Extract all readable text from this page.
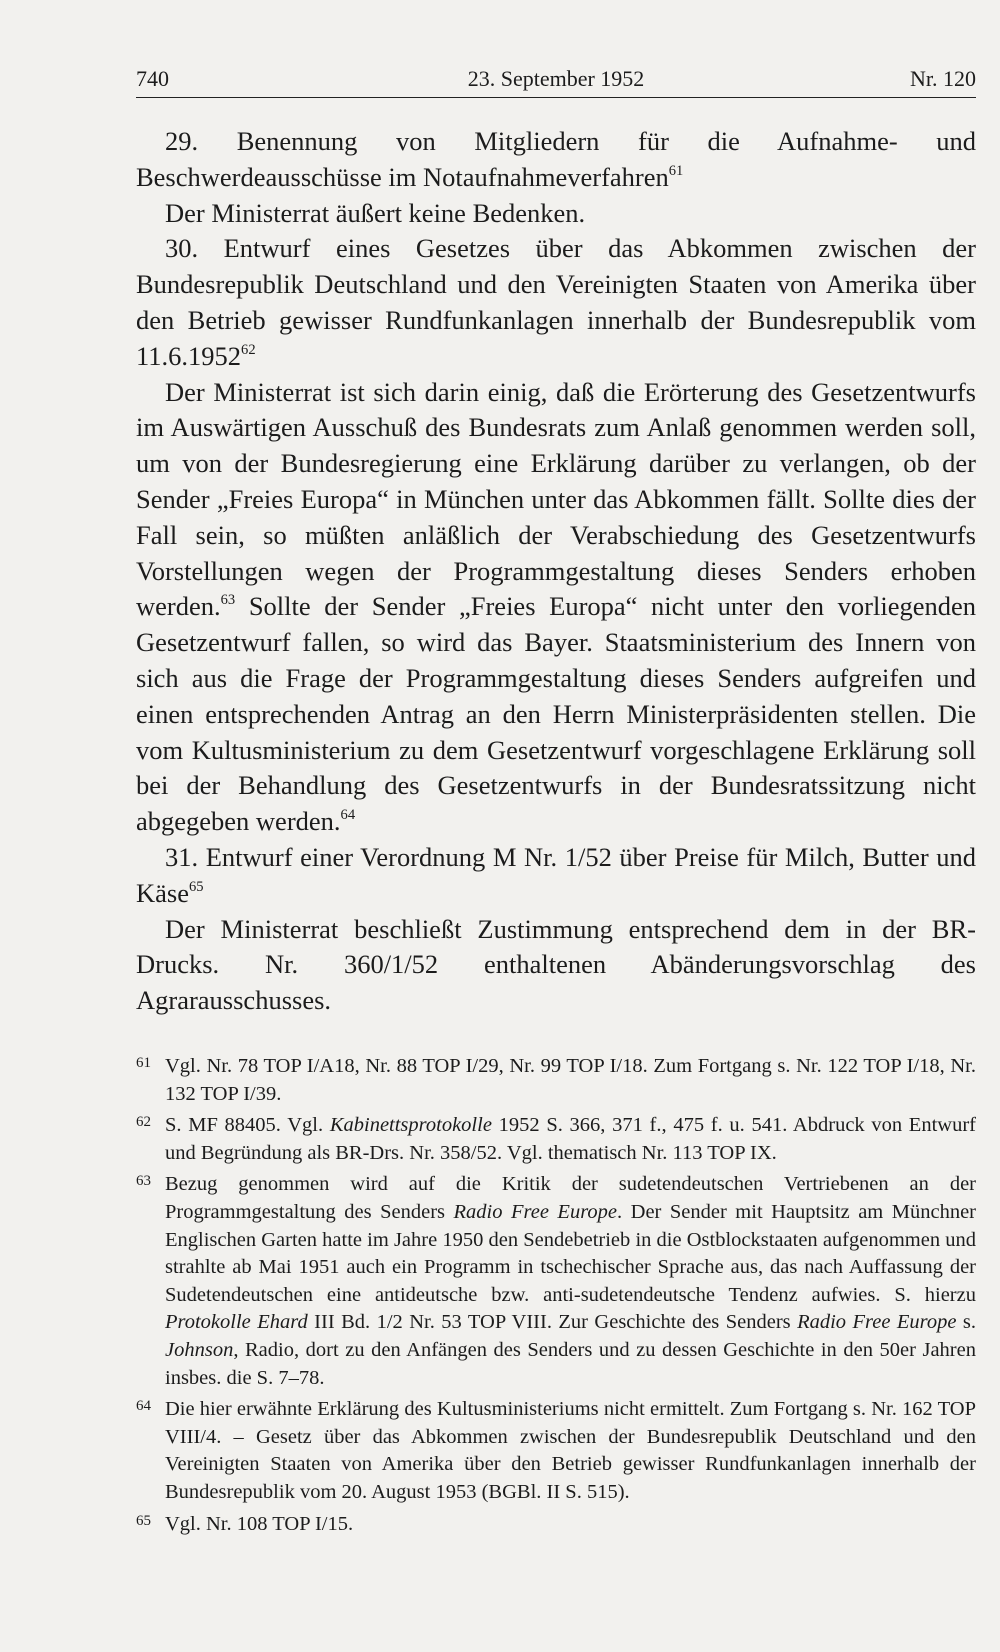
740	23. September 1952	Nr. 120

29. Benennung von Mitgliedern für die Aufnahme- und Beschwerdeausschüsse im Notaufnahmeverfahren$^{61}$

Der Ministerrat äußert keine Bedenken.

30. Entwurf eines Gesetzes über das Abkommen zwischen der Bundesrepublik Deutschland und den Vereinigten Staaten von Amerika über den Betrieb gewisser Rundfunkanlagen innerhalb der Bundesrepublik vom 11.6.1952$^{62}$

Der Ministerrat ist sich darin einig, daß die Erörterung des Gesetzentwurfs im Auswärtigen Ausschuß des Bundesrats zum Anlaß genommen werden soll, um von der Bundesregierung eine Erklärung darüber zu verlangen, ob der Sender „Freies Europa“ in München unter das Abkommen fällt. Sollte dies der Fall sein, so müßten anläßlich der Verabschiedung des Gesetzentwurfs Vorstellungen wegen der Programmgestaltung dieses Senders erhoben werden.$^{63}$ Sollte der Sender „Freies Europa“ nicht unter den vorliegenden Gesetzentwurf fallen, so wird das Bayer. Staatsministerium des Innern von sich aus die Frage der Programmgestaltung dieses Senders aufgreifen und einen entsprechenden Antrag an den Herrn Ministerpräsidenten stellen. Die vom Kultusministerium zu dem Gesetzentwurf vorgeschlagene Erklärung soll bei der Behandlung des Gesetzentwurfs in der Bundesratssitzung nicht abgegeben werden.$^{64}$

31. Entwurf einer Verordnung M Nr. 1/52 über Preise für Milch, Butter und Käse$^{65}$

Der Ministerrat beschließt Zustimmung entsprechend dem in der BR-Drucks. Nr. 360/1/52 enthaltenen Abänderungsvorschlag des Agrarausschusses.

61 Vgl. Nr. 78 TOP I/A18, Nr. 88 TOP I/29, Nr. 99 TOP I/18. Zum Fortgang s. Nr. 122 TOP I/18, Nr. 132 TOP I/39.
62 S. MF 88405. Vgl. Kabinettsprotokolle 1952 S. 366, 371 f., 475 f. u. 541. Abdruck von Entwurf und Begründung als BR-Drs. Nr. 358/52. Vgl. thematisch Nr. 113 TOP IX.
63 Bezug genommen wird auf die Kritik der sudetendeutschen Vertriebenen an der Programmgestaltung des Senders Radio Free Europe. Der Sender mit Hauptsitz am Münchner Englischen Garten hatte im Jahre 1950 den Sendebetrieb in die Ostblockstaaten aufgenommen und strahlte ab Mai 1951 auch ein Programm in tschechischer Sprache aus, das nach Auffassung der Sudetendeutschen eine antideutsche bzw. anti-sudetendeutsche Tendenz aufwies. S. hierzu Protokolle Ehard III Bd. 1/2 Nr. 53 TOP VIII. Zur Geschichte des Senders Radio Free Europe s. Johnson, Radio, dort zu den Anfängen des Senders und zu dessen Geschichte in den 50er Jahren insbes. die S. 7–78.
64 Die hier erwähnte Erklärung des Kultusministeriums nicht ermittelt. Zum Fortgang s. Nr. 162 TOP VIII/4. – Gesetz über das Abkommen zwischen der Bundesrepublik Deutschland und den Vereinigten Staaten von Amerika über den Betrieb gewisser Rundfunkanlagen innerhalb der Bundesrepublik vom 20. August 1953 (BGBl. II S. 515).
65 Vgl. Nr. 108 TOP I/15.
